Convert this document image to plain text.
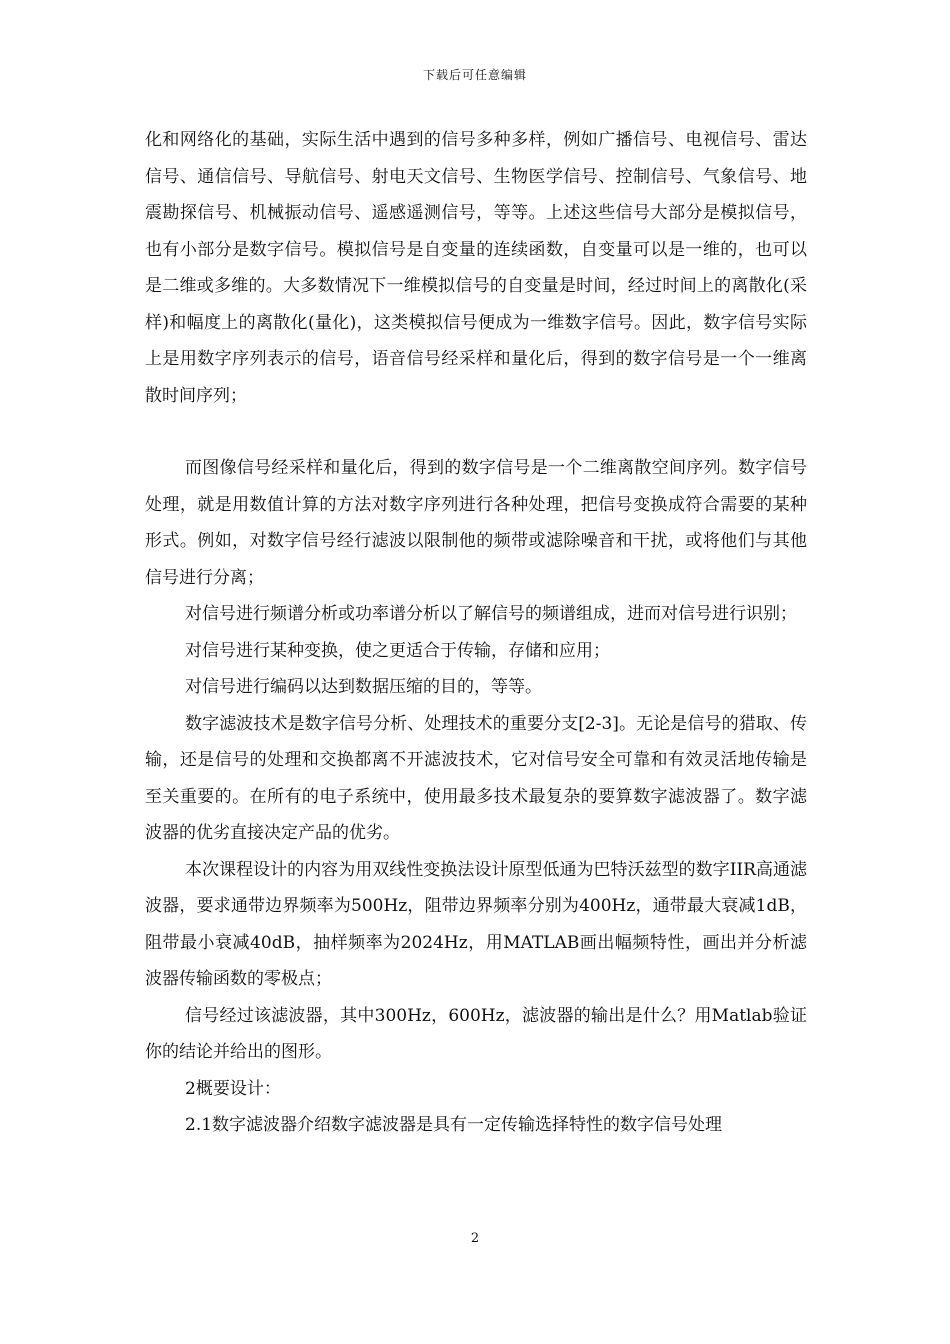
下载后可任意编辑

化和网络化的基础，实际生活中遇到的信号多种多样，例如广播信号、电视信号、雷达信号、通信信号、导航信号、射电天文信号、生物医学信号、控制信号、气象信号、地震勘探信号、机械振动信号、遥感遥测信号，等等。上述这些信号大部分是模拟信号，也有小部分是数字信号。模拟信号是自变量的连续函数，自变量可以是一维的，也可以是二维或多维的。大多数情况下一维模拟信号的自变量是时间，经过时间上的离散化(采样)和幅度上的离散化(量化)，这类模拟信号便成为一维数字信号。因此，数字信号实际上是用数字序列表示的信号，语音信号经采样和量化后，得到的数字信号是一个一维离散时间序列；

而图像信号经采样和量化后，得到的数字信号是一个二维离散空间序列。数字信号处理，就是用数值计算的方法对数字序列进行各种处理，把信号变换成符合需要的某种形式。例如，对数字信号经行滤波以限制他的频带或滤除噪音和干扰，或将他们与其他信号进行分离；

对信号进行频谱分析或功率谱分析以了解信号的频谱组成，进而对信号进行识别；

对信号进行某种变换，使之更适合于传输，存储和应用；

对信号进行编码以达到数据压缩的目的，等等。

数字滤波技术是数字信号分析、处理技术的重要分支[2-3]。无论是信号的猎取、传输，还是信号的处理和交换都离不开滤波技术，它对信号安全可靠和有效灵活地传输是至关重要的。在所有的电子系统中，使用最多技术最复杂的要算数字滤波器了。数字滤波器的优劣直接决定产品的优劣。

本次课程设计的内容为用双线性变换法设计原型低通为巴特沃兹型的数字IIR高通滤波器，要求通带边界频率为500Hz，阻带边界频率分别为400Hz，通带最大衰减1dB，阻带最小衰减40dB，抽样频率为2024Hz，用MATLAB画出幅频特性，画出并分析滤波器传输函数的零极点；

信号经过该滤波器，其中300Hz，600Hz，滤波器的输出是什么？用Matlab验证你的结论并给出的图形。

2概要设计：

2.1数字滤波器介绍数字滤波器是具有一定传输选择特性的数字信号处理

2
